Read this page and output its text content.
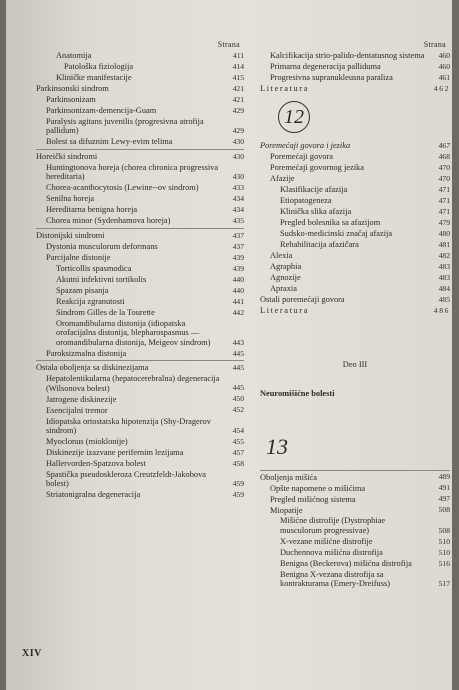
Strana
Anatomija	411
Patološka fiziologija	414
Kliničke manifestacije	415
Parkinsonski sindrom	421
Parkinsonizam	421
Parkinsonizam-demencija-Guam	429
Paralysis agitans juvenilis (progresivna atrofija pallidum)	429
Bolest sa difuznim Lewy-evim telima	430
Horeički sindromi	430
Huntingtonova horeja (chorea chronica progressiva hereditaria)	430
Chorea-acanthocytosis (Lewine--ov sindrom)	433
Senilna horeja	434
Hereditarna benigna horeja	434
Chorea minor (Sydenhamova horeja)	435
Distonijski sindromi	437
Dystonia musculorum deformans	437
Parcijalne distonije	439
Torticollis spasmodica	439
Akutni infektivni tortikolis	440
Spazam pisanja	440
Reakcija zgranutosti	441
Sindrom Gilles de la Tourette	442
Oromandibularna distonija (idiopatska orofacijalna distonija, blepharospasmus — oromandibularna distonija, Meigeov sindrom)	443
Paroksizmalna distonija	445
Ostala oboljenja sa diskinezijama	445
Hepatolentikularna (hepatocerebralna) degeneracija (Wilsonova bolest)	445
Jatrogene diskinezije	450
Esencijalni tremor	452
Idiopatska ortostatska hipotenzija (Shy-Dragerov sindrom)	454
Myoclonus (mioklonije)	455
Diskinezije izazvane perifernim lezijama	457
Hallervorden-Spatzova bolest	458
Spastička pseudoskleroza Creutzfeldt-Jakobova bolest)	459
Striatonigralna degeneracija	459
Strana
Kalcifikacija strio-palido-dentatusnog sistema	460
Primarna degeneracija palliduma	460
Progresivna supranukleusna paraliza	461
Literatura	462
12
Poremećaji govora i jezika	467
Poremećaji govora	468
Poremećaji govornog jezika	470
Afazije	470
Klasifikacije afazija	471
Etiopatogeneza	471
Klinička slika afazija	471
Pregled bolesnika sa afazijom	479
Sudsko-medicinski značaj afazija	480
Rehabilitacija afazičara	481
Alexia	482
Agraphia	483
Agnozije	483
Apraxia	484
Ostali poremećaji govora	485
Literatura	486
Deo III
Neuromišićne bolesti
13
Oboljenja mišića	489
Opšte napomene o mišićima	491
Pregled mišićnog sistema	497
Miopatije	508
Mišićne distrofije (Dystrophiae musculorum progressivae)	508
X-vezane mišićne distrofije	510
Duchennova mišićna distrofija	510
Benigna (Beckerova) mišićna distrofija	516
Benigna X-vezana distrofija sa kontrakturama (Emery-Dreifuss)	517
XIV
